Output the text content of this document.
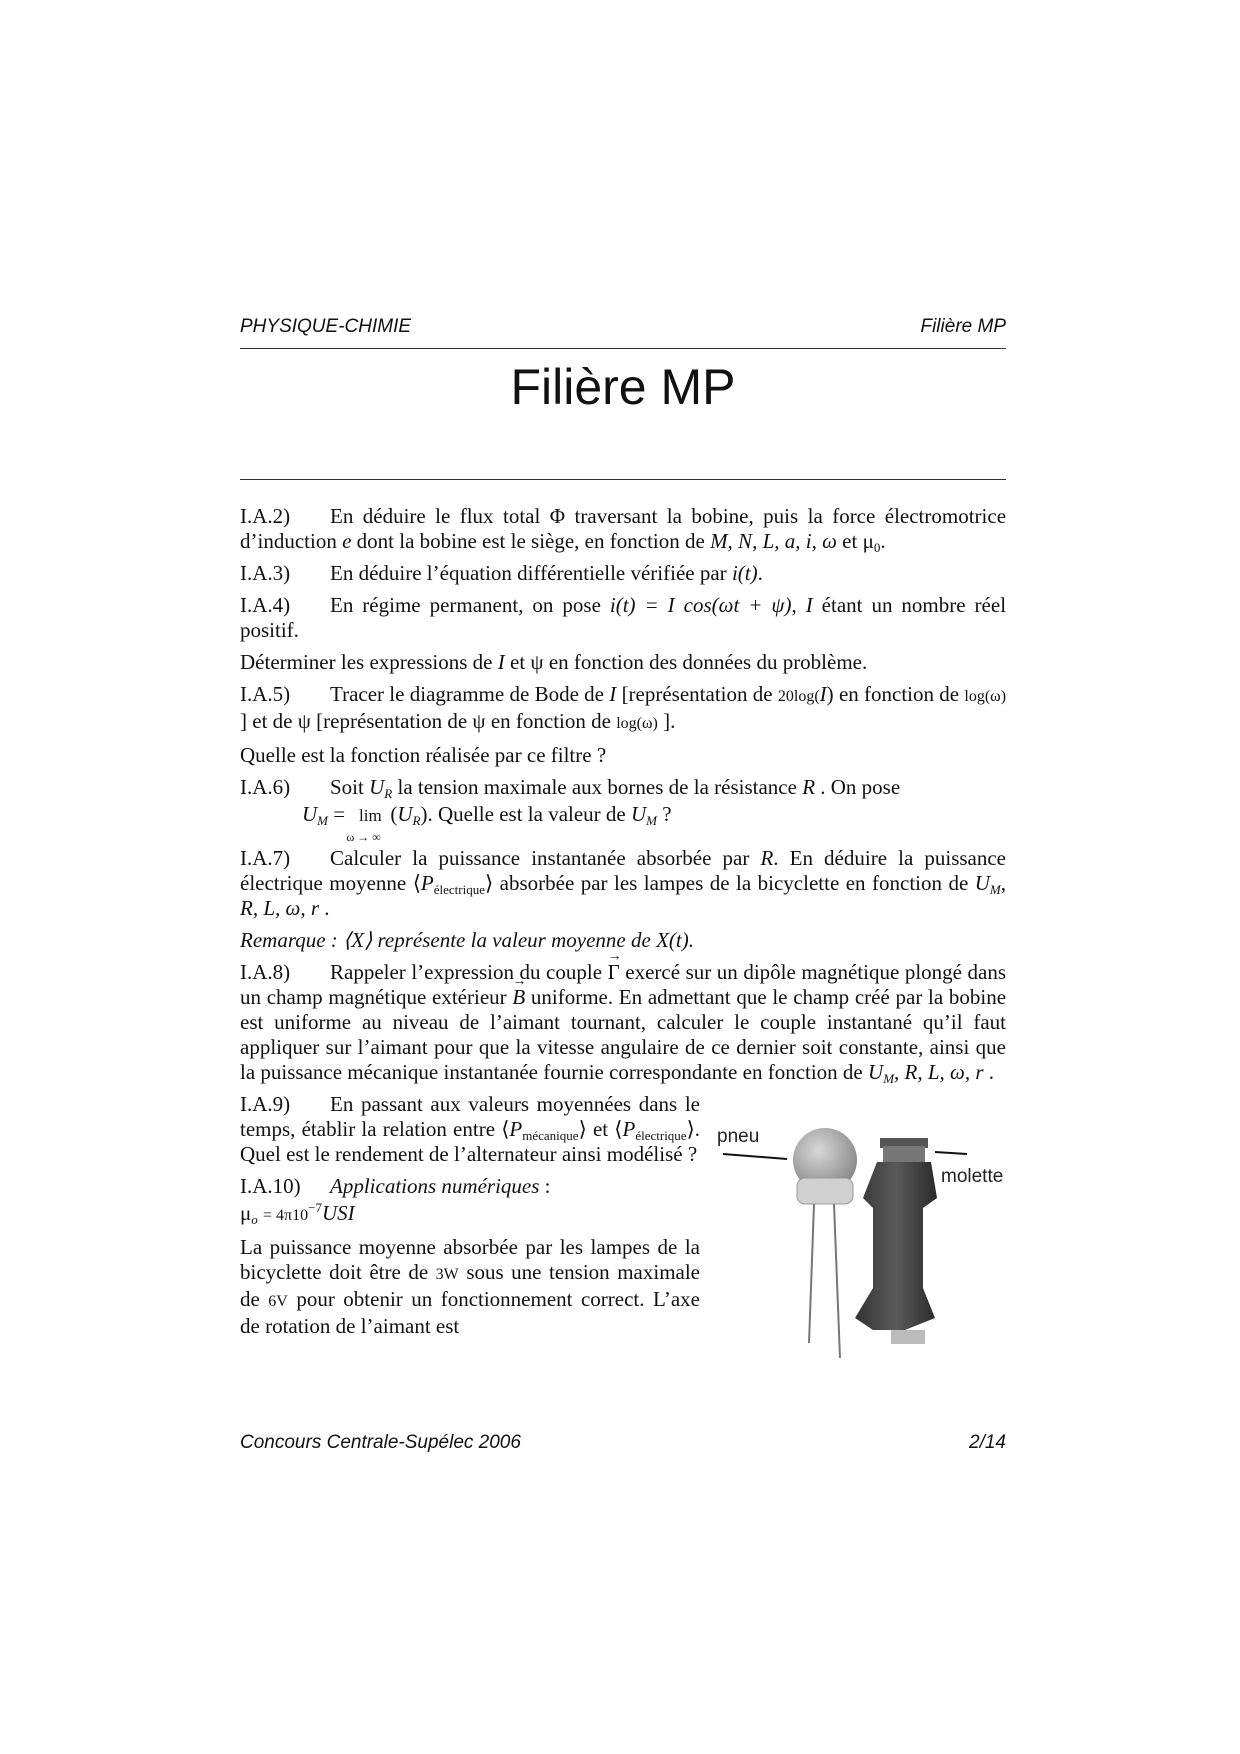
PHYSIQUE-CHIMIE	Filière MP
Filière MP

I.A.2) En déduire le flux total Φ traversant la bobine, puis la force électromotrice d’induction e dont la bobine est le siège, en fonction de M, N, L, a, i, ω et $\mu_0$.

I.A.3) En déduire l’équation différentielle vérifiée par i(t).

I.A.4) En régime permanent, on pose i(t) = I cos(ωt + ψ), I étant un nombre réel positif.

Déterminer les expressions de I et ψ en fonction des données du problème.

I.A.5) Tracer le diagramme de Bode de I [représentation de 20log(I) en fonction de log(ω) ] et de ψ [représentation de ψ en fonction de log(ω) ].

Quelle est la fonction réalisée par ce filtre ?

I.A.6) Soit $U_R$ la tension maximale aux bornes de la résistance R . On pose

$U_M = \lim$
ω → ∞
$(U_R)$. Quelle est la valeur de $U_M$ ?

I.A.7) Calculer la puissance instantanée absorbée par R. En déduire la puissance électrique moyenne $⟨P_{électrique}⟩$ absorbée par les lampes de la bicyclette en fonction de $U_M$, R, L, ω, r .

Remarque : ⟨X⟩ représente la valeur moyenne de X(t).

I.A.8) Rappeler l’expression du couple → Γ exercé sur un dipôle magnétique plongé dans un champ magnétique extérieur → B uniforme. En admettant que le champ créé par la bobine est uniforme au niveau de l’aimant tournant, calculer le couple instantané qu’il faut appliquer sur l’aimant pour que la vitesse angulaire de ce dernier soit constante, ainsi que la puissance mécanique instantanée fournie correspondante en fonction de $U_M$, R, L, ω, r .

I.A.9) En passant aux valeurs moyennées dans le temps, établir la relation entre $⟨P_{mécanique}⟩$ et $⟨P_{électrique}⟩$. Quel est le rendement de l’alternateur ainsi modélisé ?

I.A.10) Applications numériques :

$\mu_o = 4\pi 10^{-7}USI$

La puissance moyenne absorbée par les lampes de la bicyclette doit être de 3W sous une tension maximale de 6V pour obtenir un fonctionnement correct. L’axe de rotation de l’aimant est

pneu
molette
Concours Centrale-Supélec 2006	2/14
